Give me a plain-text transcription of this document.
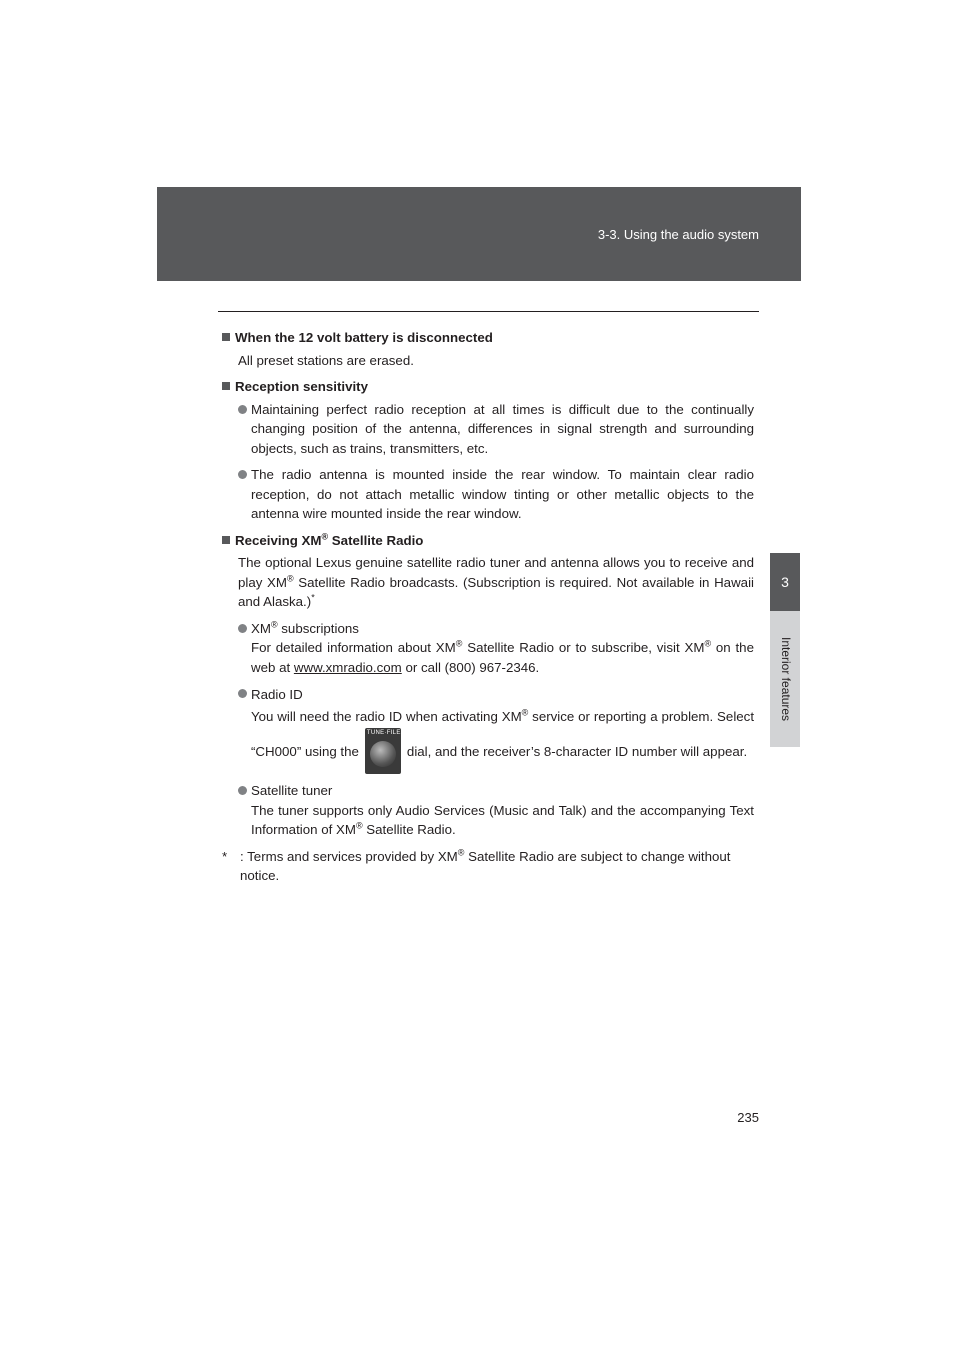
3-3. Using the audio system
3
Interior features

When the 12 volt battery is disconnected

All preset stations are erased.

Reception sensitivity

Maintaining perfect radio reception at all times is difficult due to the continually changing position of the antenna, differences in signal strength and surrounding objects, such as trains, transmitters, etc.
The radio antenna is mounted inside the rear window. To maintain clear radio reception, do not attach metallic window tinting or other metallic objects to the antenna wire mounted inside the rear window.

Receiving XM® Satellite Radio

The optional Lexus genuine satellite radio tuner and antenna allows you to receive and play XM® Satellite Radio broadcasts. (Subscription is required. Not available in Hawaii and Alaska.)*

XM® subscriptions
For detailed information about XM® Satellite Radio or to subscribe, visit XM® on the web at www.xmradio.com or call (800) 967-2346.
Radio ID
You will need the radio ID when activating XM® service or reporting a problem. Select “CH000” using the
TUNE·FILE
dial, and the receiver’s 8-character ID number will appear.
Satellite tuner
The tuner supports only Audio Services (Music and Talk) and the accompanying Text Information of XM® Satellite Radio.

* : Terms and services provided by XM® Satellite Radio are subject to change without notice.

235
